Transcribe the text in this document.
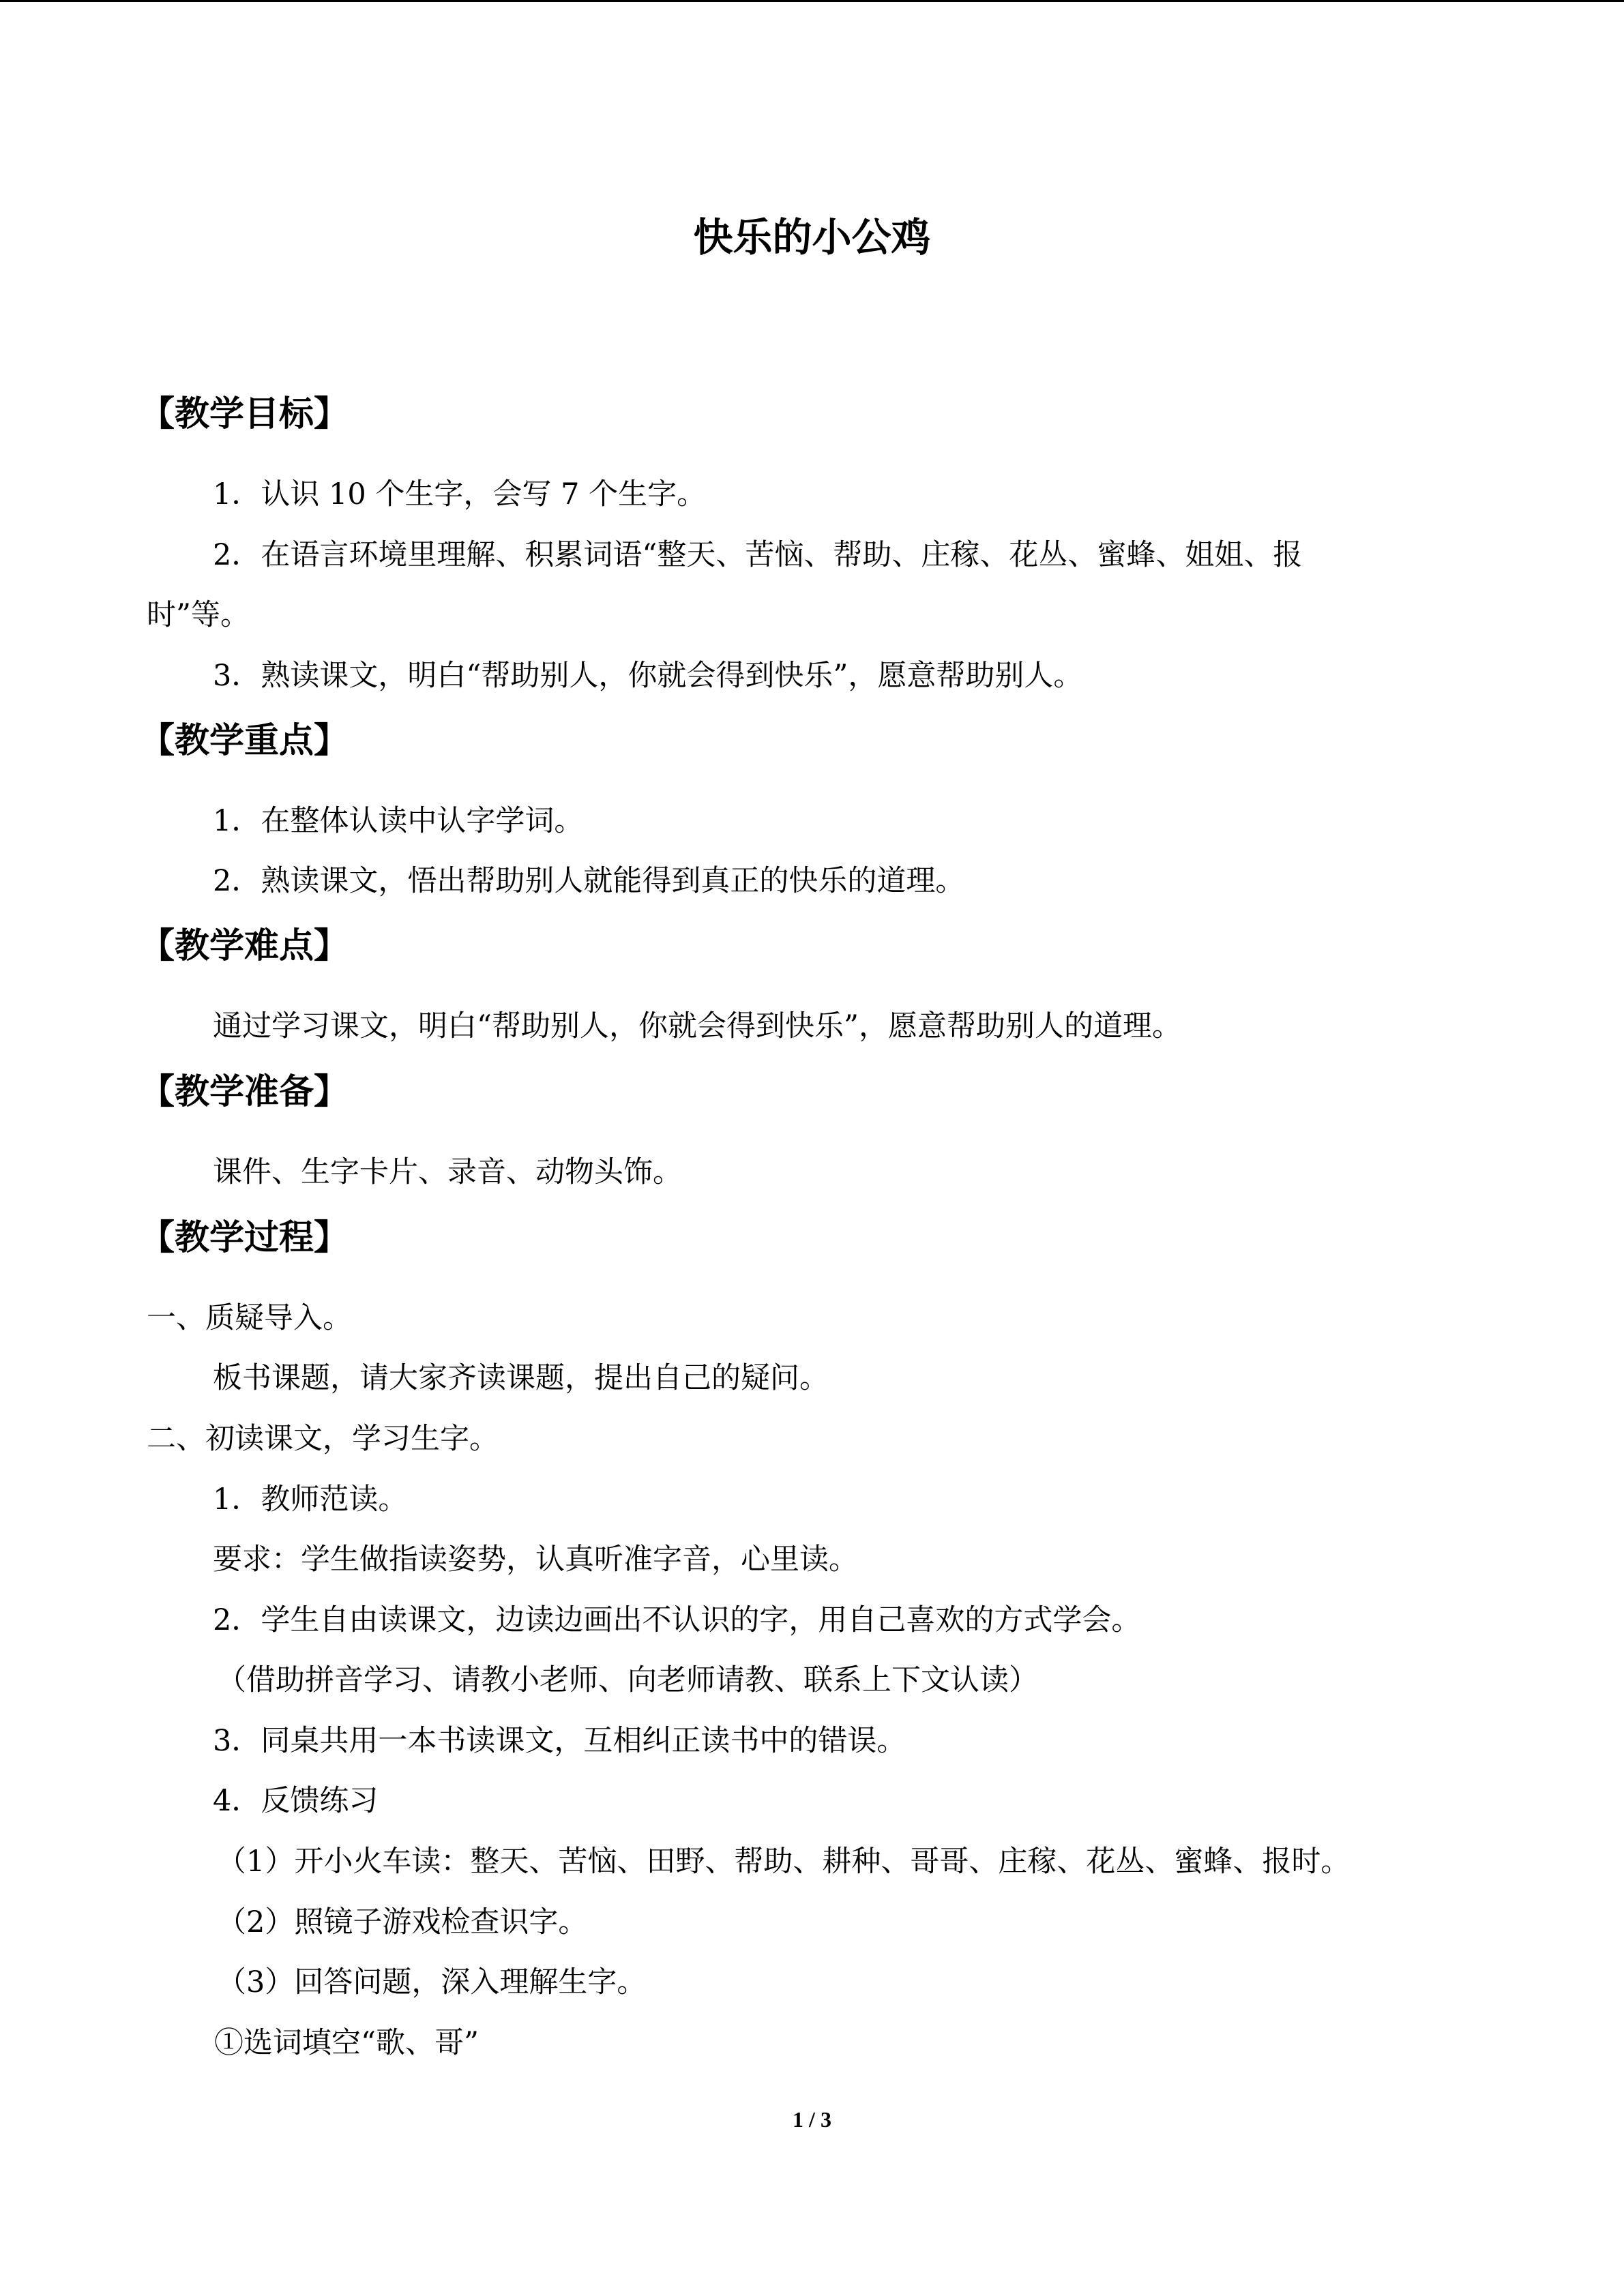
快乐的小公鸡
【教学目标】
1．认识 10 个生字，会写 7 个生字。
2．在语言环境里理解、积累词语“整天、苦恼、帮助、庄稼、花丛、蜜蜂、姐姐、报
时”等。
3．熟读课文，明白“帮助别人，你就会得到快乐”，愿意帮助别人。
【教学重点】
1．在整体认读中认字学词。
2．熟读课文，悟出帮助别人就能得到真正的快乐的道理。
【教学难点】
通过学习课文，明白“帮助别人，你就会得到快乐”，愿意帮助别人的道理。
【教学准备】
课件、生字卡片、录音、动物头饰。
【教学过程】
一、质疑导入。
板书课题，请大家齐读课题，提出自己的疑问。
二、初读课文，学习生字。
1．教师范读。
要求：学生做指读姿势，认真听准字音，心里读。
2．学生自由读课文，边读边画出不认识的字，用自己喜欢的方式学会。
（借助拼音学习、请教小老师、向老师请教、联系上下文认读）
3．同桌共用一本书读课文，互相纠正读书中的错误。
4．反馈练习
（1）开小火车读：整天、苦恼、田野、帮助、耕种、哥哥、庄稼、花丛、蜜蜂、报时。
（2）照镜子游戏检查识字。
（3）回答问题，深入理解生字。
①选词填空“歌、哥”
1 / 3
